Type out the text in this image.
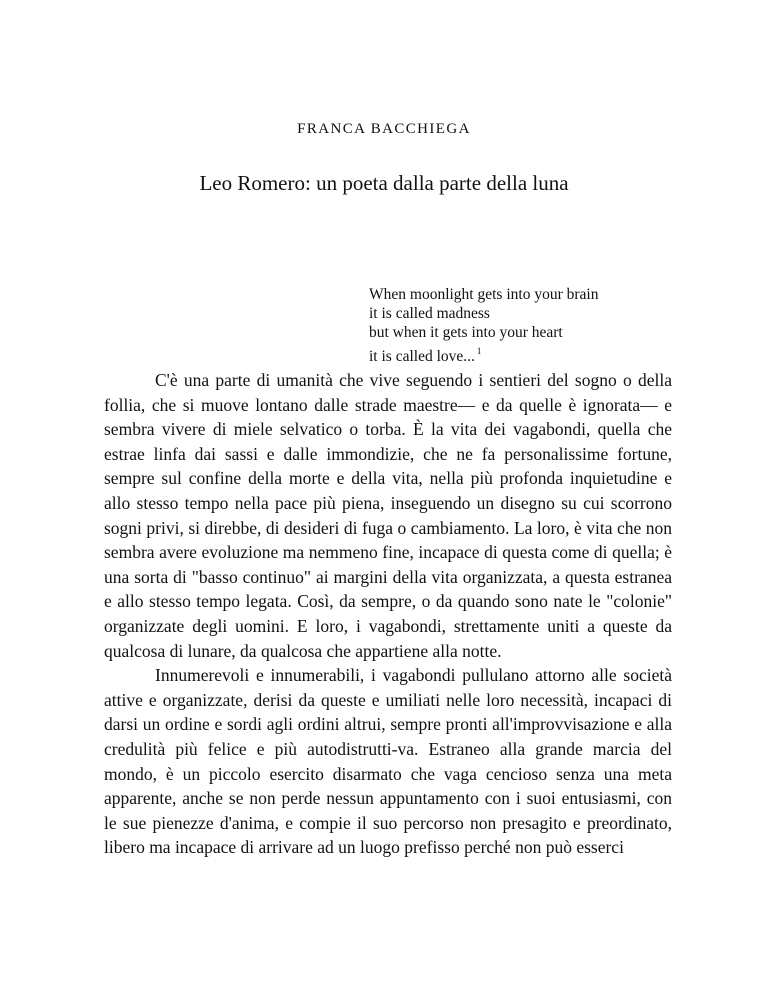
FRANCA BACCHIEGA
Leo Romero: un poeta dalla parte della luna
When moonlight gets into your brain
it is called madness
but when it gets into your heart
it is called love... $^1$

C'è una parte di umanità che vive seguendo i sentieri del sogno o della follia, che si muove lontano dalle strade maestre— e da quelle è ignorata— e sembra vivere di miele selvatico o torba. È la vita dei vagabondi, quella che estrae linfa dai sassi e dalle immondizie, che ne fa personalissime fortune, sempre sul confine della morte e della vita, nella più profonda inquietudine e allo stesso tempo nella pace più piena, inseguendo un disegno su cui scorrono sogni privi, si direbbe, di desideri di fuga o cambiamento. La loro, è vita che non sembra avere evoluzione ma nemmeno fine, incapace di questa come di quella; è una sorta di "basso continuo" ai margini della vita organizzata, a questa estranea e allo stesso tempo legata. Così, da sempre, o da quando sono nate le "colonie" organizzate degli uomini. E loro, i vagabondi, strettamente uniti a queste da qualcosa di lunare, da qualcosa che appartiene alla notte.

Innumerevoli e innumerabili, i vagabondi pullulano attorno alle società attive e organizzate, derisi da queste e umiliati nelle loro necessità, incapaci di darsi un ordine e sordi agli ordini altrui, sempre pronti all'improvvisazione e alla credulità più felice e più autodistrutti-va. Estraneo alla grande marcia del mondo, è un piccolo esercito disarmato che vaga cencioso senza una meta apparente, anche se non perde nessun appuntamento con i suoi entusiasmi, con le sue pienezze d'anima, e compie il suo percorso non presagito e preordinato, libero ma incapace di arrivare ad un luogo prefisso perché non può esserci
